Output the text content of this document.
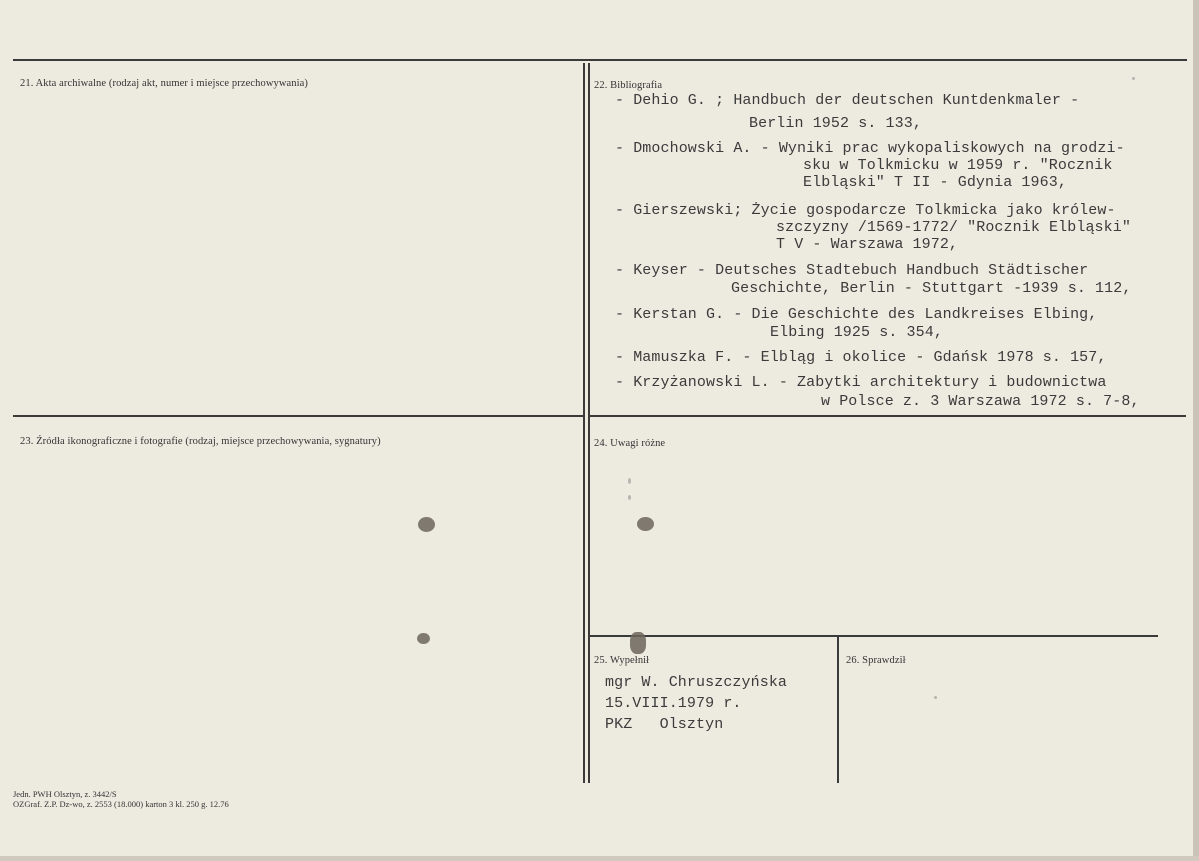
21. Akta archiwalne (rodzaj akt, numer i miejsce przechowywania)	22. Bibliografia
23. Źródła ikonograficzne i fotografie (rodzaj, miejsce przechowywania, sygnatury)	24. Uwagi różne
25. Wypełnił	26. Sprawdził
- Dehio G. ; Handbuch der deutschen Kuntdenkmaler -
Berlin 1952 s. 133,
- Dmochowski A. - Wyniki prac wykopaliskowych na grodzi-
sku w Tolkmicku w 1959 r. "Rocznik
Elbląski" T II - Gdynia 1963,
- Gierszewski; Życie gospodarcze Tolkmicka jako królew-
szczyzny /1569-1772/ "Rocznik Elbląski"
T V - Warszawa 1972,
- Keyser - Deutsches Stadtebuch Handbuch Städtischer
Geschichte, Berlin - Stuttgart -1939 s. 112,
- Kerstan G. - Die Geschichte des Landkreises Elbing,
Elbing 1925 s. 354,
- Mamuszka F. - Elbląg i okolice - Gdańsk 1978 s. 157,
- Krzyżanowski L. - Zabytki architektury i budownictwa
w Polsce z. 3 Warszawa 1972 s. 7-8,
mgr W. Chruszczyńska
15.VIII.1979 r.
PKZ   Olsztyn
Jedn. PWH Olsztyn, z. 3442/S
OZGraf. Z.P. Dz-wo, z. 2553 (18.000) karton 3 kl. 250 g. 12.76
